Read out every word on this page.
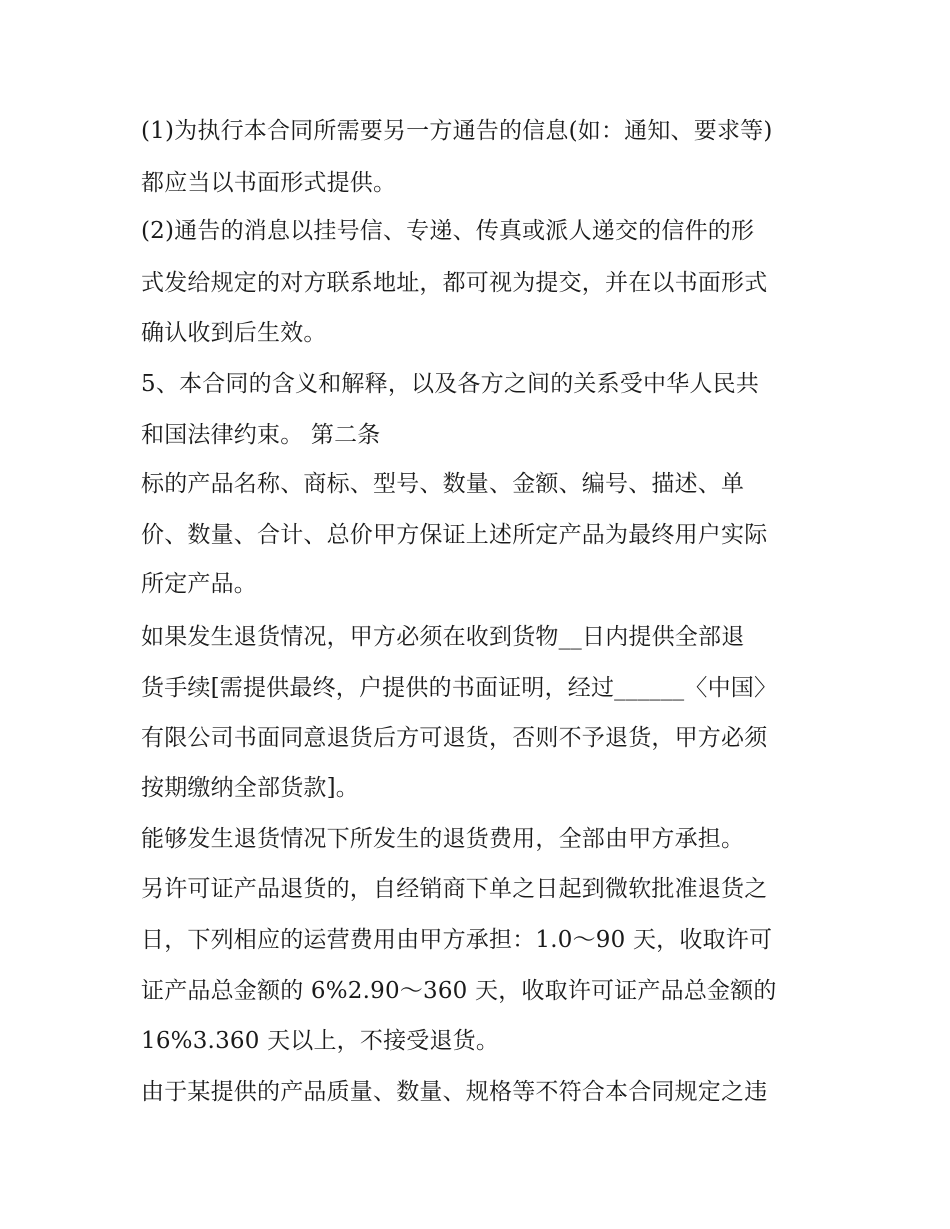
(1)为执行本合同所需要另一方通告的信息(如：通知、要求等)

都应当以书面形式提供。

(2)通告的消息以挂号信、专递、传真或派人递交的信件的形

式发给规定的对方联系地址，都可视为提交，并在以书面形式

确认收到后生效。

5、本合同的含义和解释，以及各方之间的关系受中华人民共

和国法律约束。 第二条

标的产品名称、商标、型号、数量、金额、编号、描述、单

价、数量、合计、总价甲方保证上述所定产品为最终用户实际

所定产品。

如果发生退货情况，甲方必须在收到货物__日内提供全部退

货手续[需提供最终，户提供的书面证明，经过______〈中国〉

有限公司书面同意退货后方可退货，否则不予退货，甲方必须

按期缴纳全部货款]。

能够发生退货情况下所发生的退货费用，全部由甲方承担。

另许可证产品退货的，自经销商下单之日起到微软批准退货之

日，下列相应的运营费用由甲方承担：1.0～90 天，收取许可

证产品总金额的 6%2.90～360 天，收取许可证产品总金额的

16%3.360 天以上，不接受退货。

由于某提供的产品质量、数量、规格等不符合本合同规定之违
